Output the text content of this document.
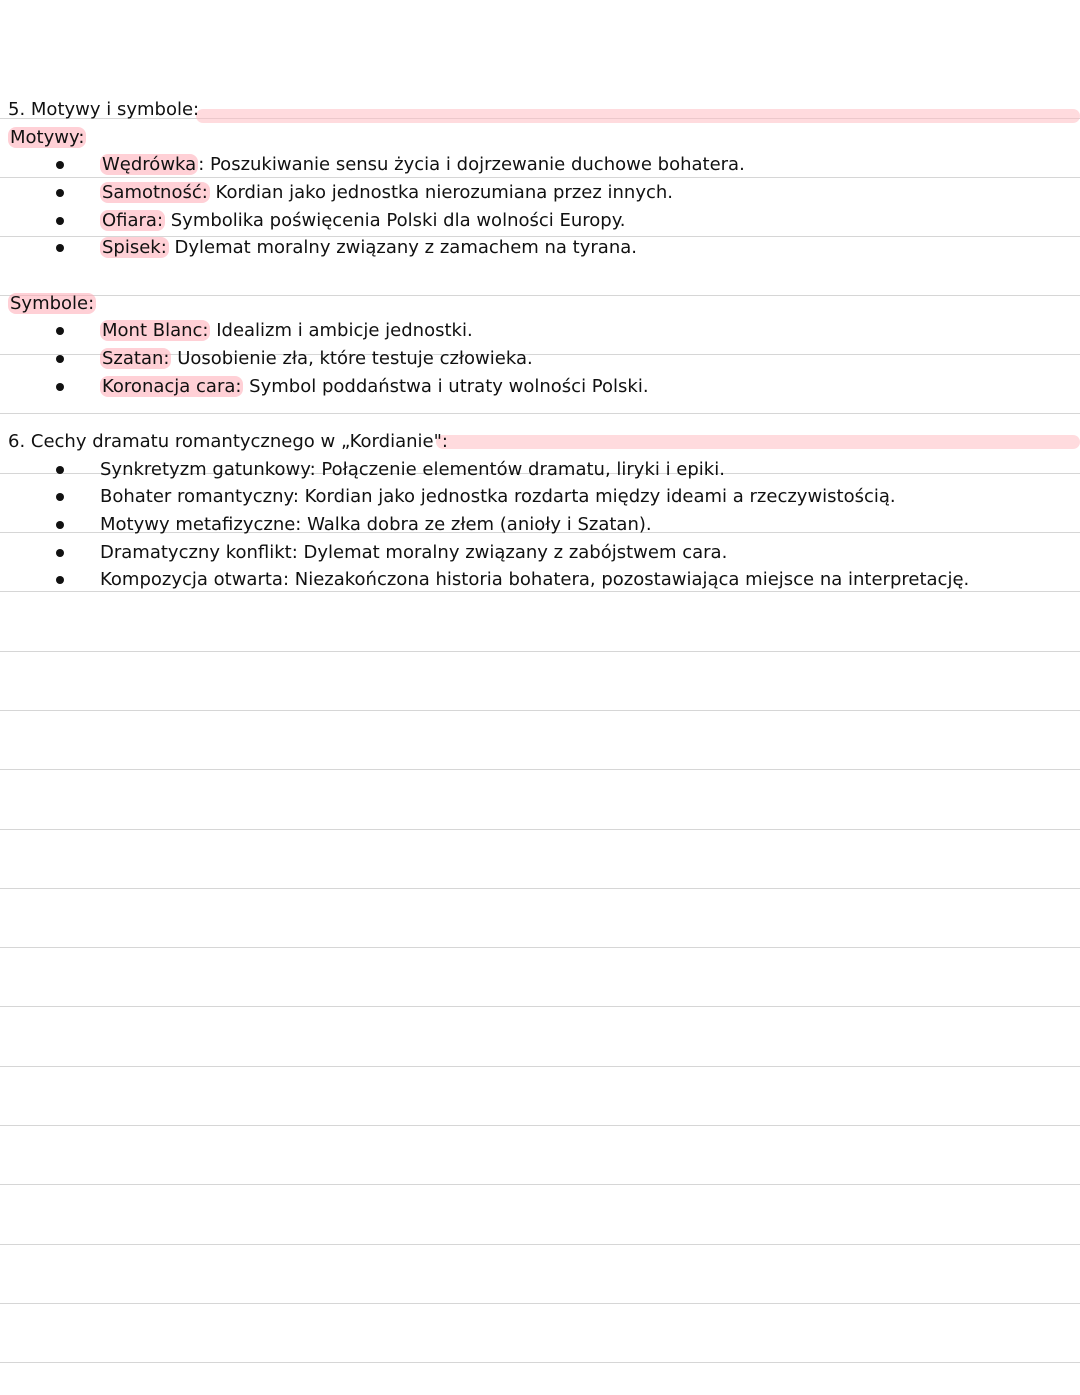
5. Motywy i symbole:
Motywy:
Wędrówka : Poszukiwanie sensu życia i dojrzewanie duchowe bohatera.
Samotność: Kordian jako jednostka nierozumiana przez innych.
Ofiara: Symbolika poświęcenia Polski dla wolności Europy.
Spisek: Dylemat moralny związany z zamachem na tyrana.
Symbole:
Mont Blanc: Idealizm i ambicje jednostki.
Szatan: Uosobienie zła, które testuje człowieka.
Koronacja cara: Symbol poddaństwa i utraty wolności Polski.
6. Cechy dramatu romantycznego w „Kordianie":
Synkretyzm gatunkowy: Połączenie elementów dramatu, liryki i epiki.
Bohater romantyczny: Kordian jako jednostka rozdarta między ideami a rzeczywistością.
Motywy metafizyczne: Walka dobra ze złem (anioły i Szatan).
Dramatyczny konflikt: Dylemat moralny związany z zabójstwem cara.
Kompozycja otwarta: Niezakończona historia bohatera, pozostawiająca miejsce na interpretację.
